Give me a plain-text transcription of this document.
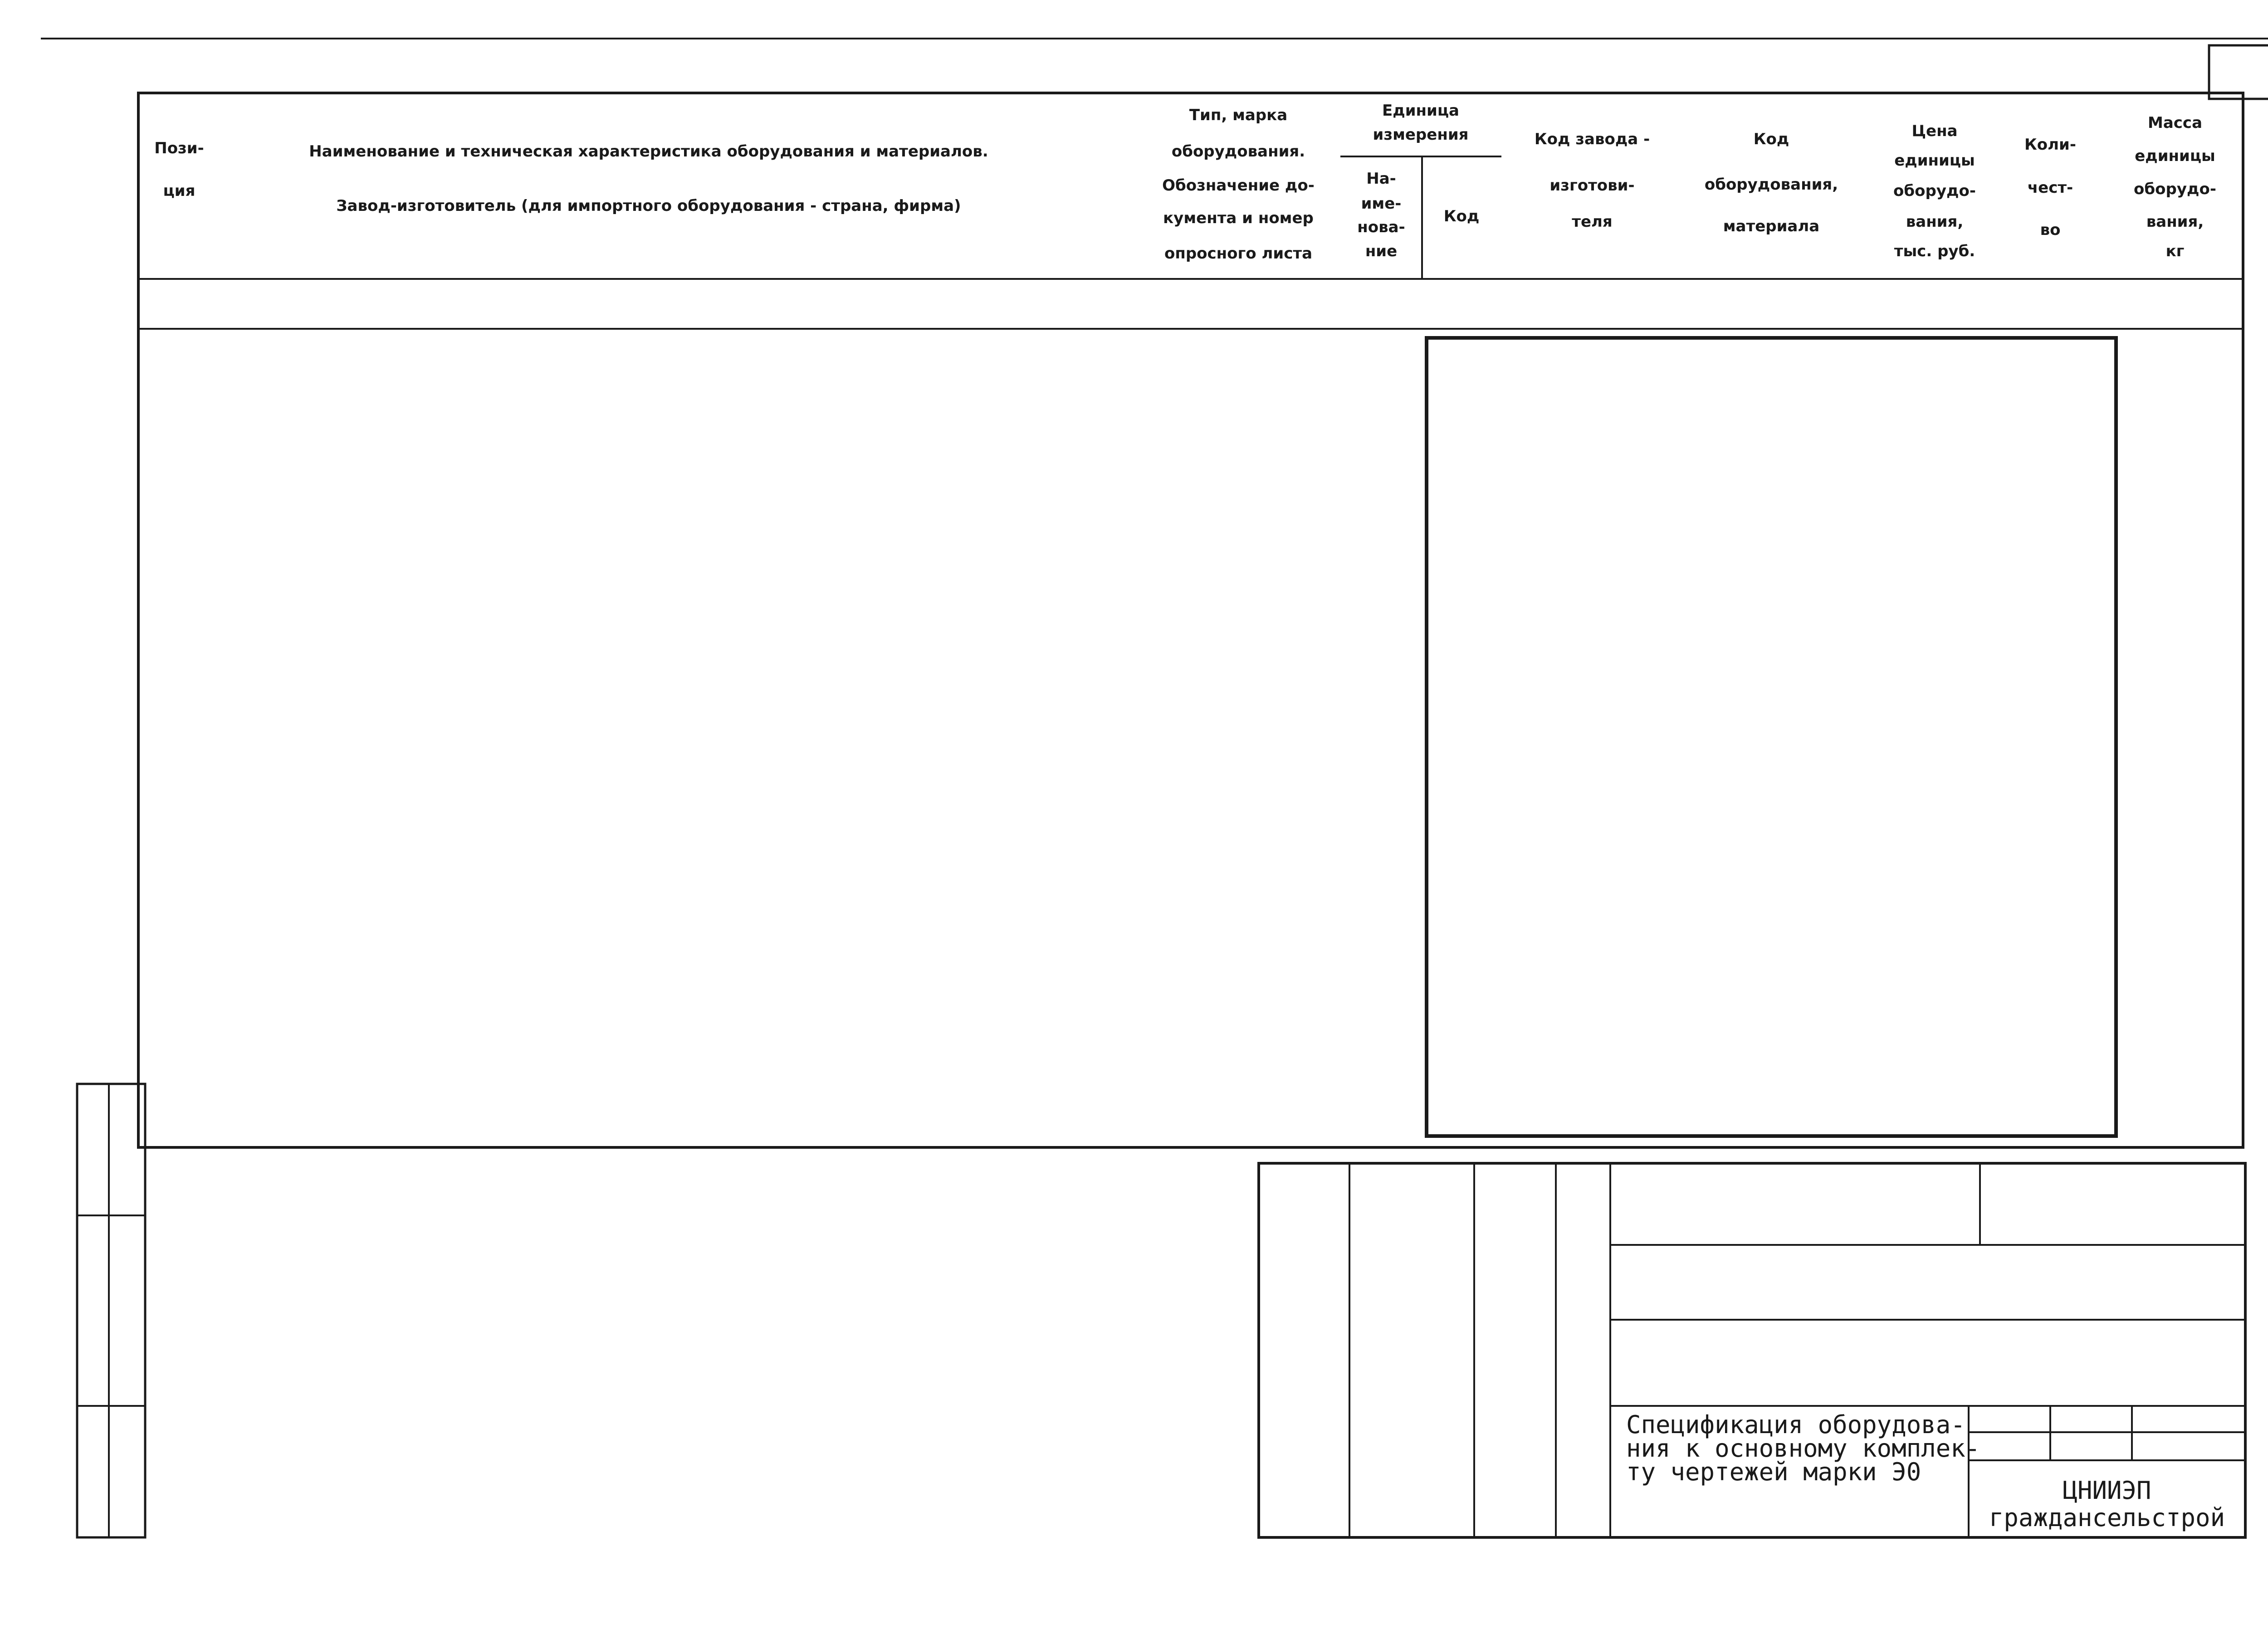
Пози-
ция
Наименование и техническая характеристика оборудования и материалов.
Завод-изготовитель (для импортного оборудования - страна, фирма)
Тип, марка
оборудования.
Обозначение до-
кумента и номер
опросного листа
Единица
измерения
На-
име-
нова-
ние
Код
Код завода -
изготови-
теля
Код
оборудования,
материала
Цена
единицы
оборудо-
вания,
тыс. руб.
Коли-
чест-
во
Масса
единицы
оборудо-
вания,
кг
Спецификация оборудова-
ния к основному комплек-
ту чертежей марки Э0
ЦНИИЭП
граждансельстрой
